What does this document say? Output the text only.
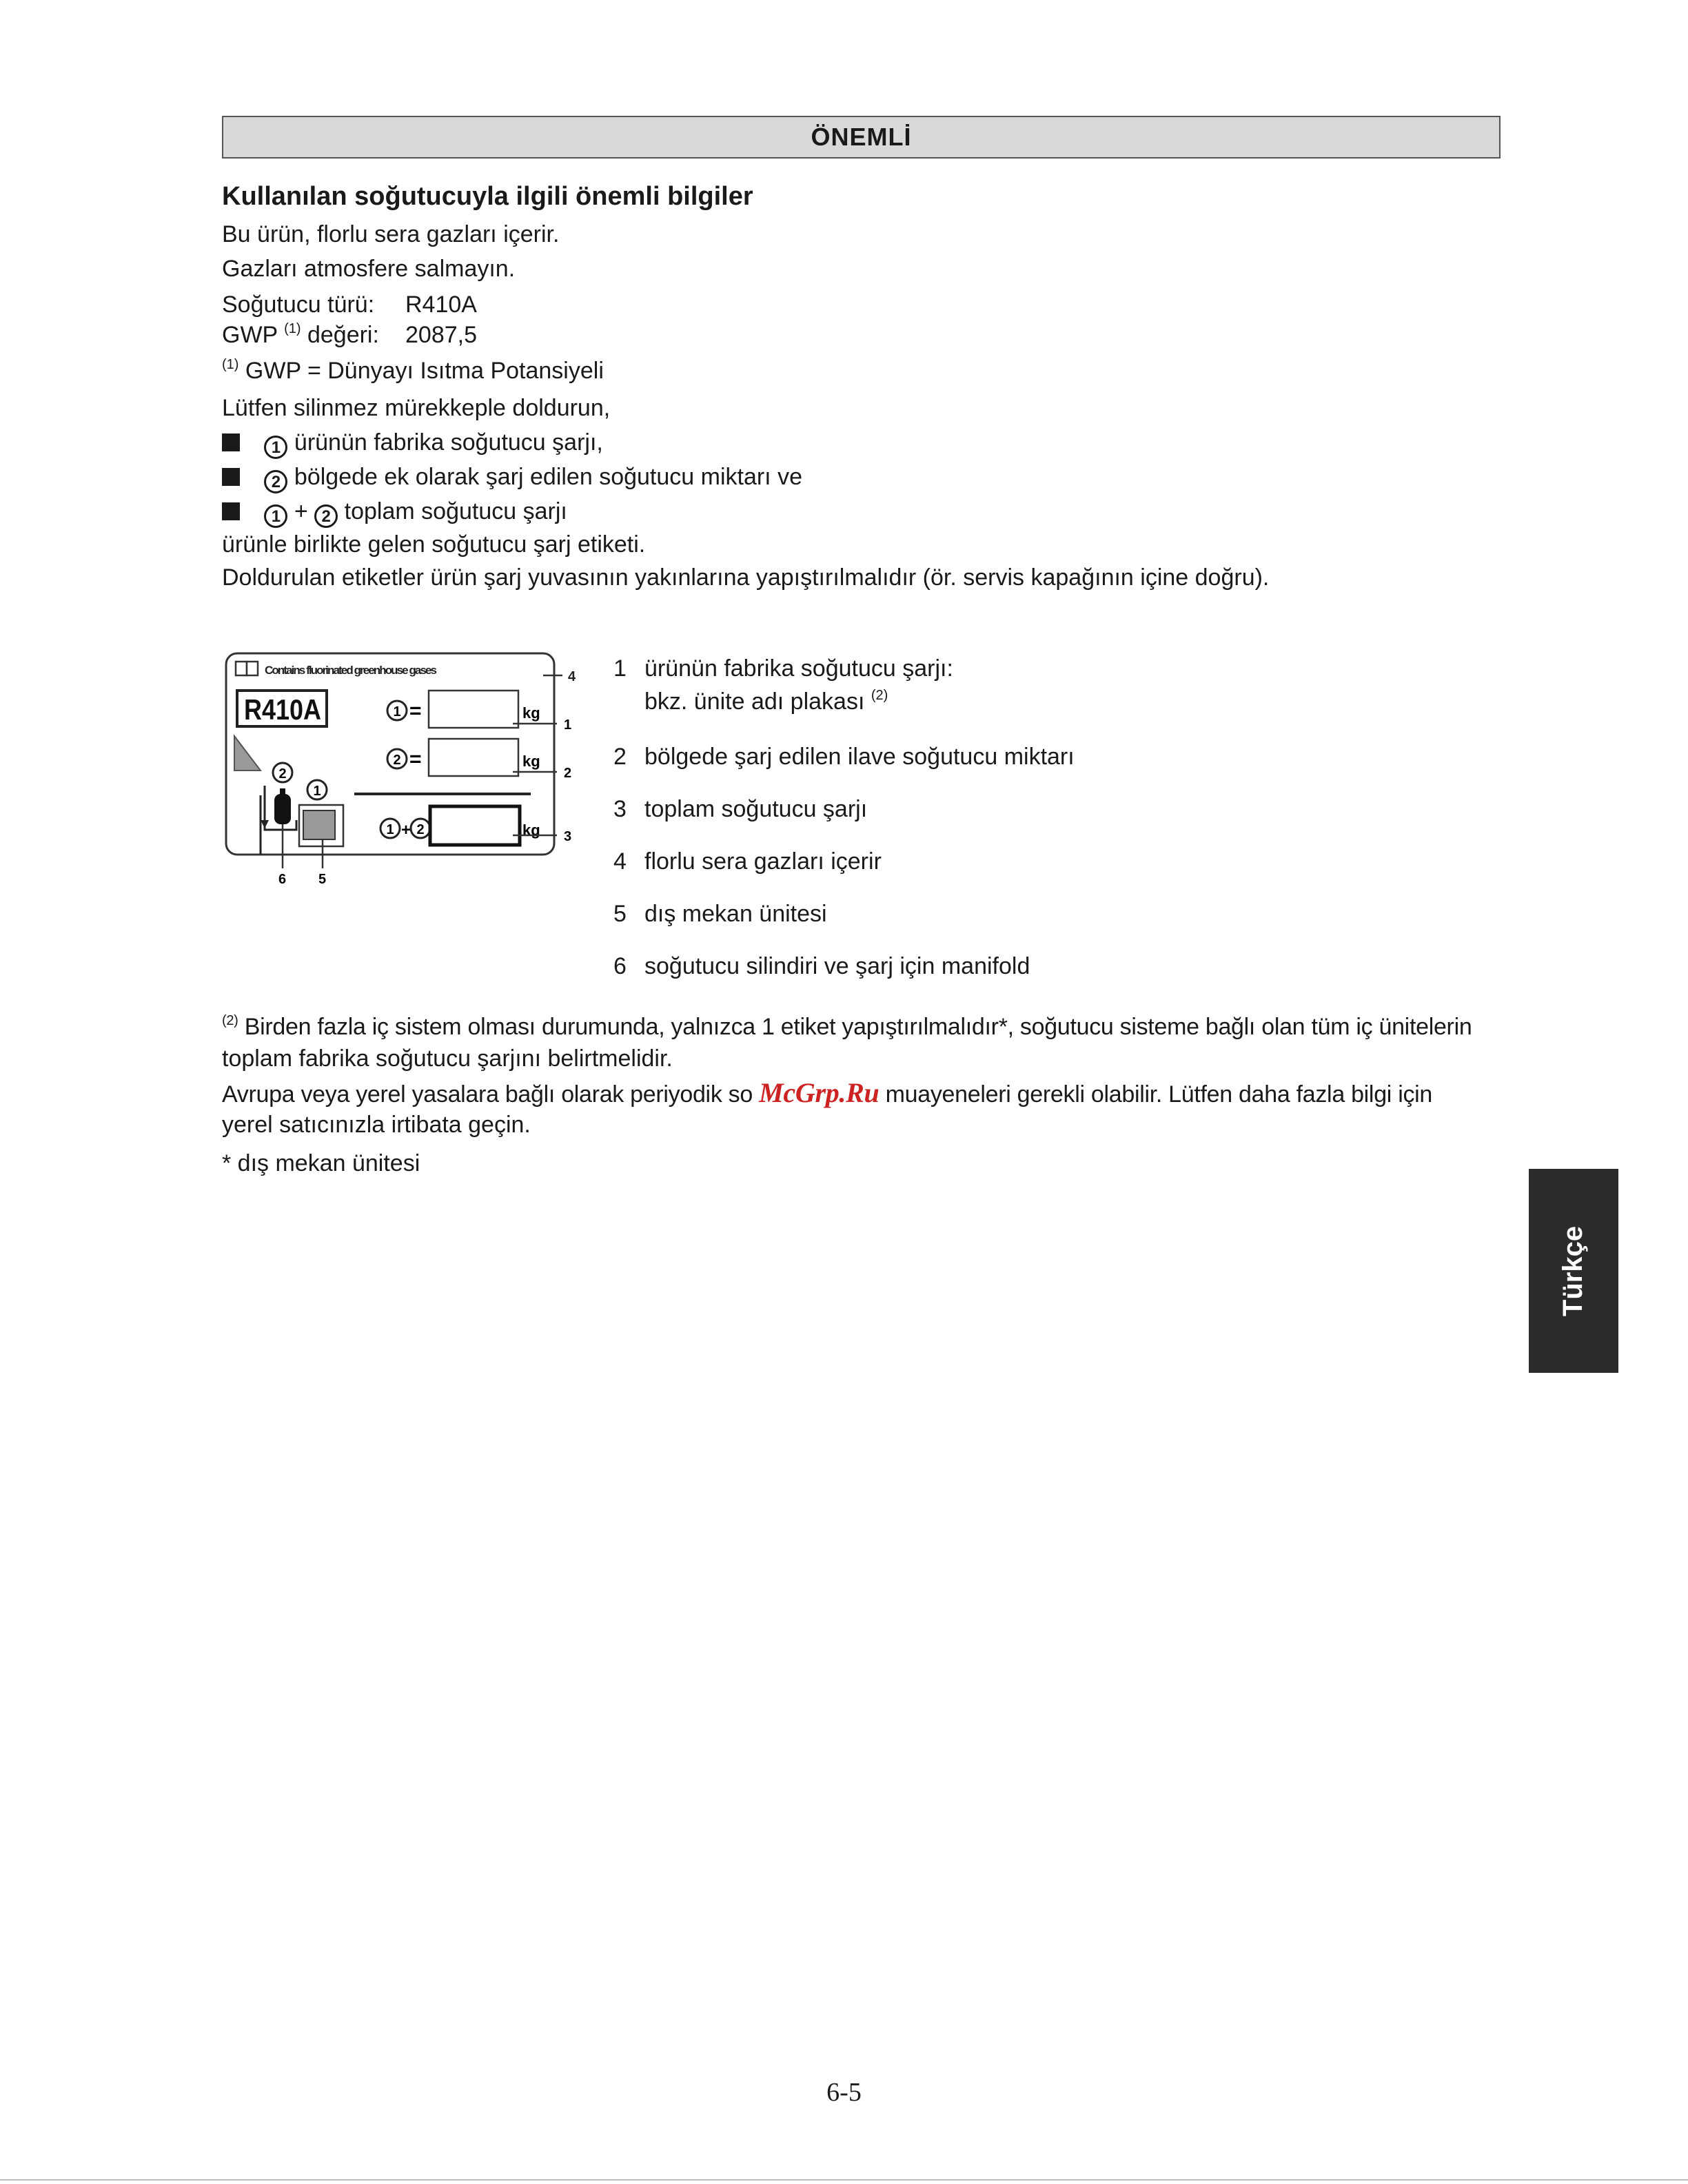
ÖNEMLİ
Kullanılan soğutucuyla ilgili önemli bilgiler
Bu ürün, florlu sera gazları içerir.
Gazları atmosfere salmayın.
Soğutucu türü: R410A
GWP $^{(1)}$ değeri: 2087,5
$^{(1)}$ GWP = Dünyayı Isıtma Potansiyeli
Lütfen silinmez mürekkeple doldurun,
1 ürünün fabrika soğutucu şarjı,
2 bölgede ek olarak şarj edilen soğutucu miktarı ve
1 + 2 toplam soğutucu şarjı
ürünle birlikte gelen soğutucu şarj etiketi.
Doldurulan etiketler ürün şarj yuvasının yakınlarına yapıştırılmalıdır (ör. servis kapağının içine doğru).
Contains fluorinated greenhouse gases	4
R410A	1 =	kg
1
2 =	kg
2
1 + 2	kg 3
2
1
6 5
1 ürünün fabrika soğutucu şarjı:
bkz. ünite adı plakası $^{(2)}$
2 bölgede şarj edilen ilave soğutucu miktarı
3 toplam soğutucu şarjı
4 florlu sera gazları içerir
5 dış mekan ünitesi
6 soğutucu silindiri ve şarj için manifold
$^{(2)}$ Birden fazla iç sistem olması durumunda, yalnızca 1 etiket yapıştırılmalıdır*, soğutucu sisteme bağlı olan tüm iç ünitelerin
toplam fabrika soğutucu şarjını belirtmelidir.
Avrupa veya yerel yasalara bağlı olarak periyodik so McGrp.Ru muayeneleri gerekli olabilir. Lütfen daha fazla bilgi için
yerel satıcınızla irtibata geçin.
* dış mekan ünitesi
Türkçe
6-5
